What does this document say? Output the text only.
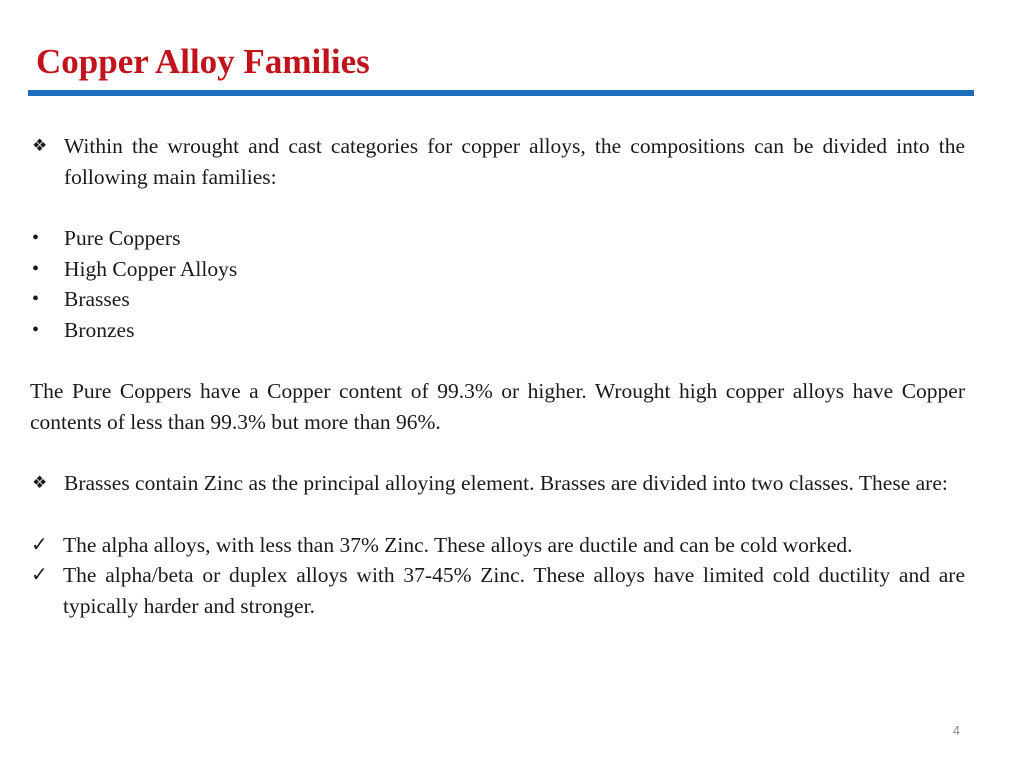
Copper Alloy Families
❖ Within the wrought and cast categories for copper alloys, the compositions can be divided into the following main families:
•	Pure Coppers
•	High Copper Alloys
•	Brasses
•	Bronzes
The Pure Coppers have a Copper content of 99.3% or higher. Wrought high copper alloys have Copper contents of less than 99.3% but more than 96%.
❖ Brasses contain Zinc as the principal alloying element. Brasses are divided into two classes. These are:
✓ The alpha alloys, with less than 37% Zinc. These alloys are ductile and can be cold worked.
✓ The alpha/beta or duplex alloys with 37-45% Zinc. These alloys have limited cold ductility and are typically harder and stronger.
4
